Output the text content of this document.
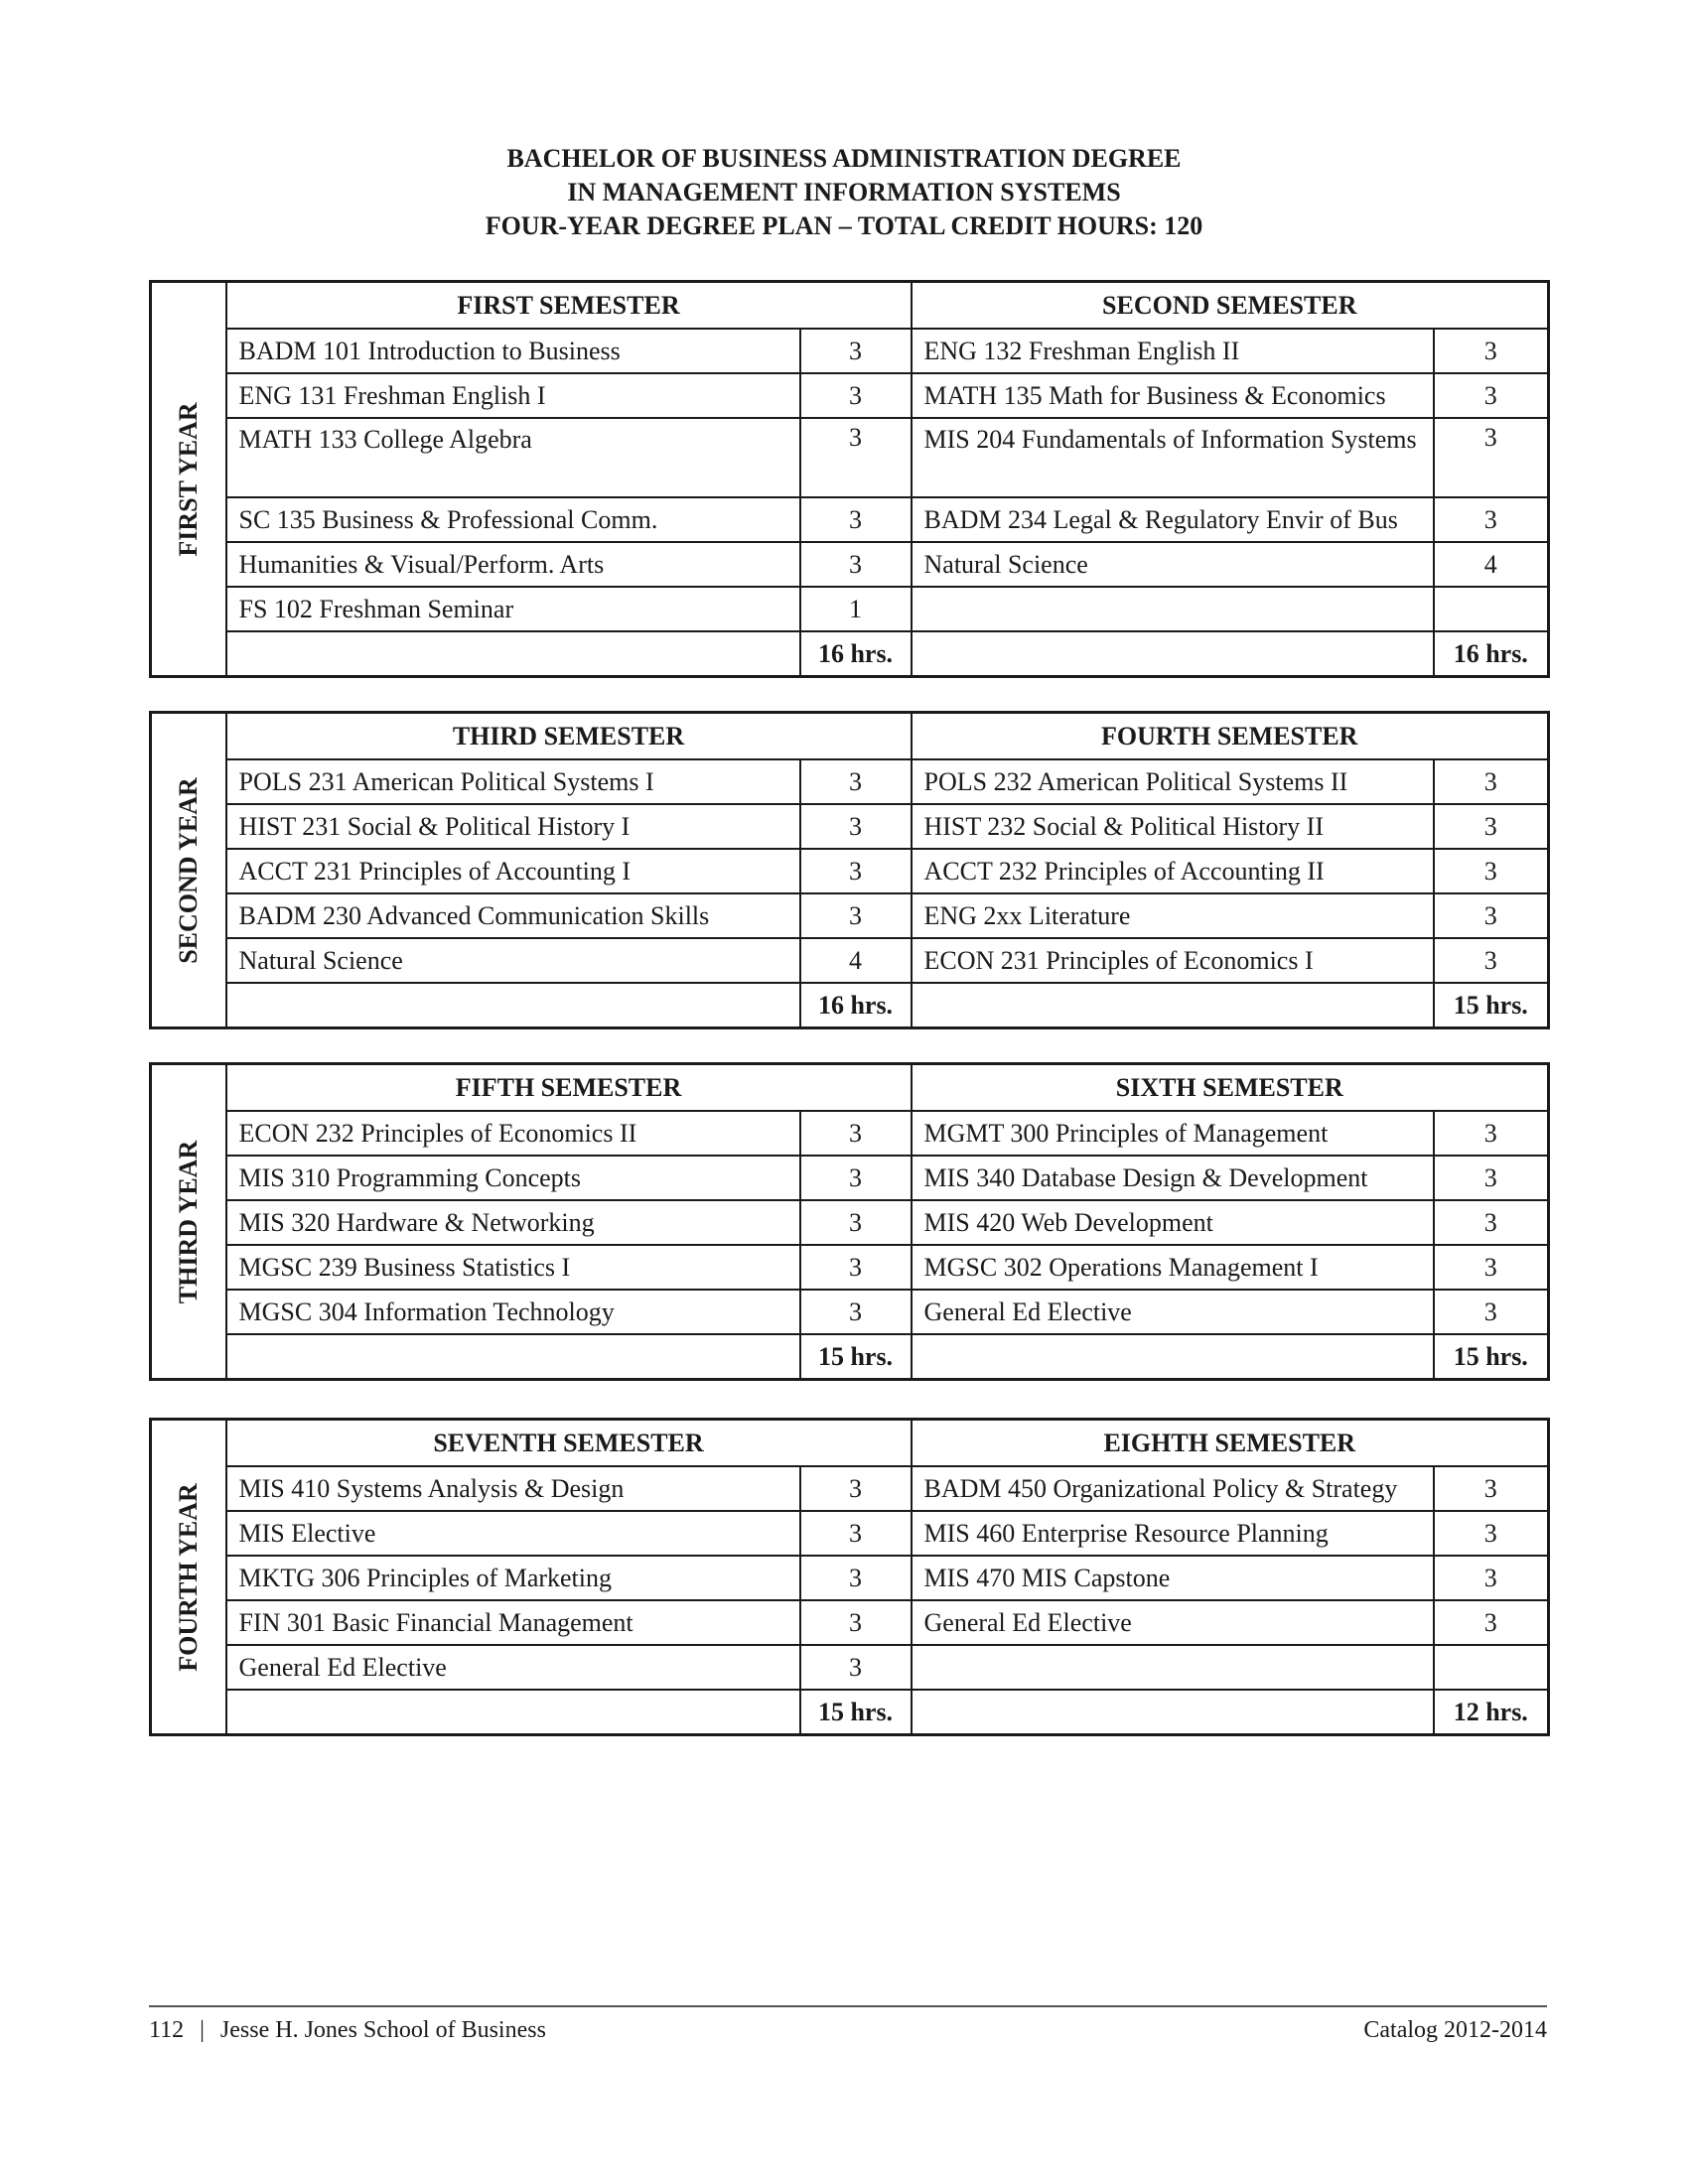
BACHELOR OF BUSINESS ADMINISTRATION DEGREE
IN MANAGEMENT INFORMATION SYSTEMS
FOUR-YEAR DEGREE PLAN – TOTAL CREDIT HOURS: 120
FIRST YEAR	FIRST SEMESTER		SECOND SEMESTER	
	BADM 101 Introduction to Business	3	ENG 132 Freshman English II	3
	ENG 131 Freshman English I	3	MATH 135 Math for Business & Economics	3
	MATH 133 College Algebra	3	MIS 204 Fundamentals of Information Systems	3
	SC 135 Business & Professional Comm.	3	BADM 234 Legal & Regulatory Envir of Bus	3
	Humanities & Visual/Perform. Arts	3	Natural Science	4
	FS 102 Freshman Seminar	1		
		16 hrs.		16 hrs.
SECOND YEAR	THIRD SEMESTER		FOURTH SEMESTER	
	POLS 231 American Political Systems I	3	POLS 232 American Political Systems II	3
	HIST 231 Social & Political History I	3	HIST 232 Social & Political History II	3
	ACCT 231 Principles of Accounting I	3	ACCT 232 Principles of Accounting II	3
	BADM 230 Advanced Communication Skills	3	ENG 2xx Literature	3
	Natural Science	4	ECON 231 Principles of Economics I	3
		16 hrs.		15 hrs.
THIRD YEAR	FIFTH SEMESTER		SIXTH SEMESTER	
	ECON 232 Principles of Economics II	3	MGMT 300 Principles of Management	3
	MIS 310 Programming Concepts	3	MIS 340 Database Design & Development	3
	MIS 320 Hardware & Networking	3	MIS 420 Web Development	3
	MGSC 239 Business Statistics I	3	MGSC 302 Operations Management I	3
	MGSC 304 Information Technology	3	General Ed Elective	3
		15 hrs.		15 hrs.
FOURTH YEAR	SEVENTH SEMESTER		EIGHTH SEMESTER	
	MIS 410 Systems Analysis & Design	3	BADM 450 Organizational Policy & Strategy	3
	MIS Elective	3	MIS 460 Enterprise Resource Planning	3
	MKTG 306 Principles of Marketing	3	MIS 470 MIS Capstone	3
	FIN 301 Basic Financial Management	3	General Ed Elective	3
	General Ed Elective	3		
		15 hrs.		12 hrs.
112 | Jesse H. Jones School of Business	Catalog 2012-2014
